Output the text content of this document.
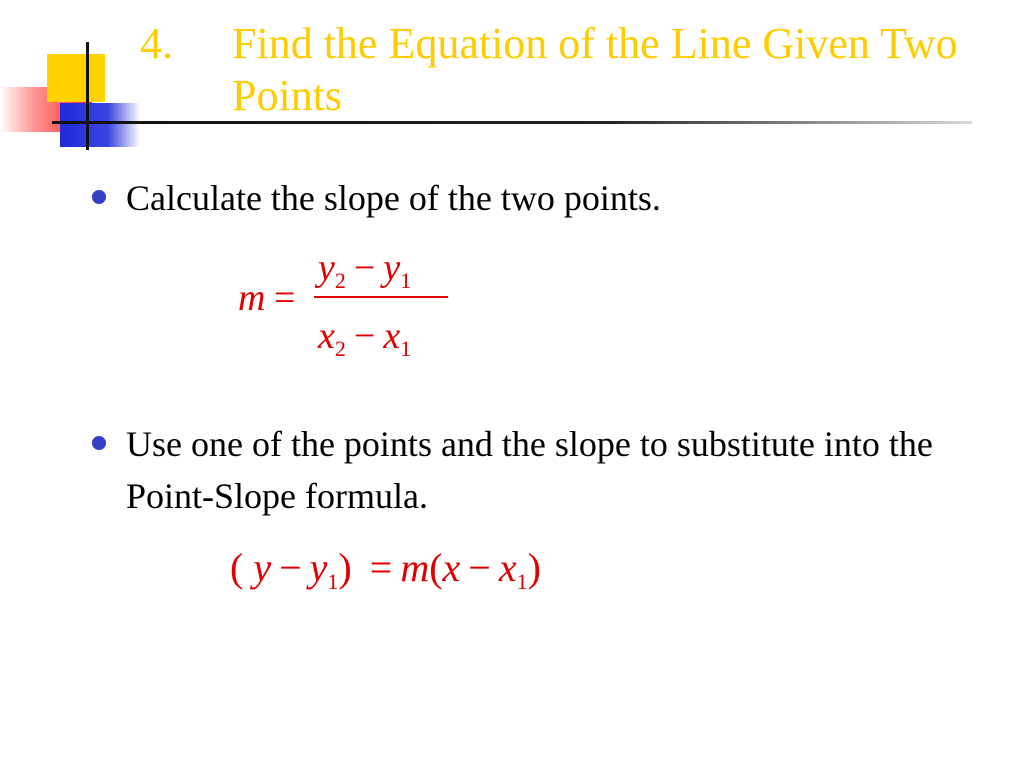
4. Find the Equation of the Line Given Two Points
Calculate the slope of the two points.
m =
$y_2 - y_1$
$x_2 - x_1$
Use one of the points and the slope to substitute into the Point-Slope formula.
( $y - y_1) = m(x - x_1)$
